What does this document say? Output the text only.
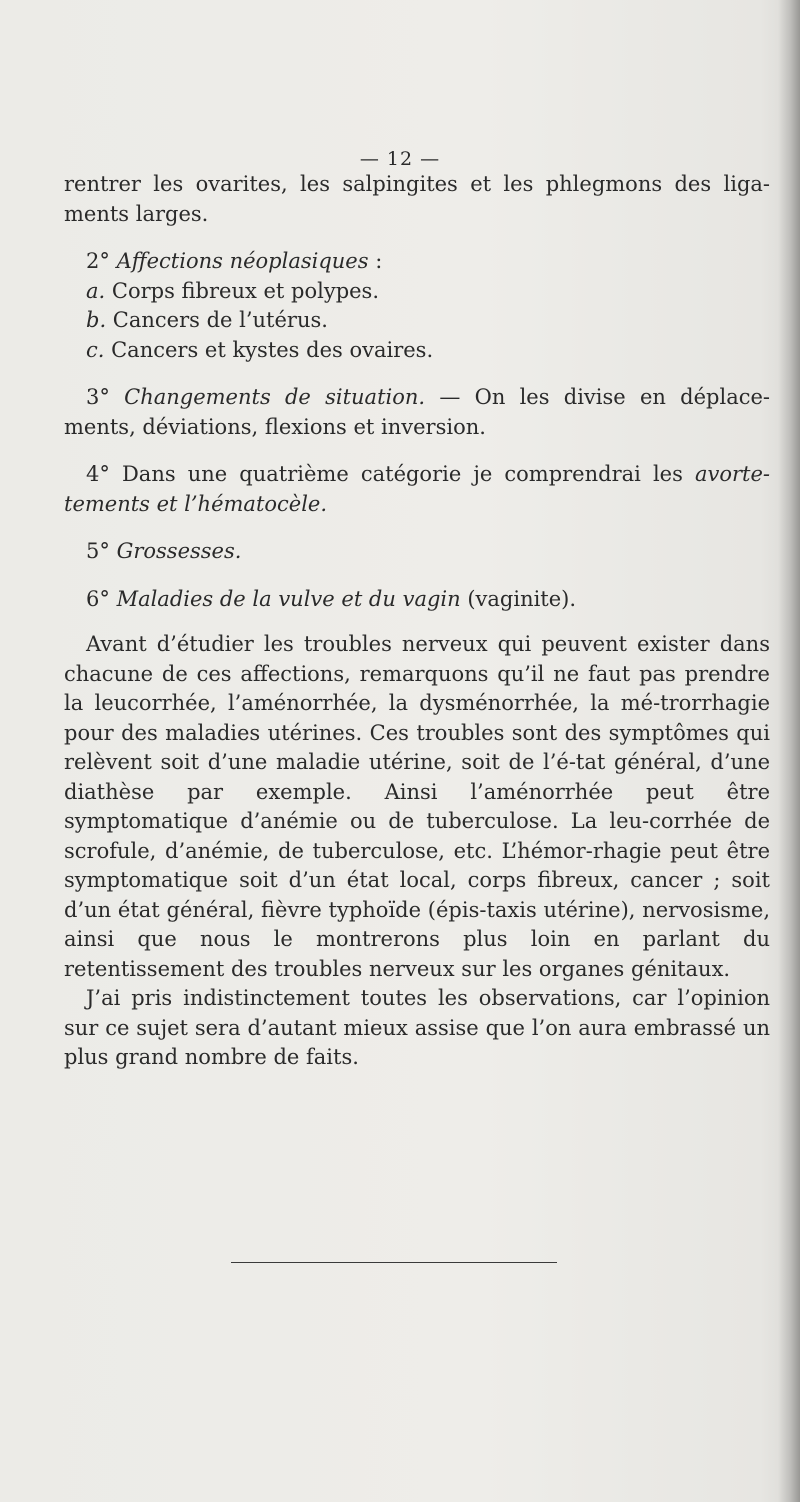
— 12 —

rentrer les ovarites, les salpingites et les phlegmons des liga-ments larges.

2° Affections néoplasiques :

a. Corps fibreux et polypes.

b. Cancers de l’utérus.

c. Cancers et kystes des ovaires.

3° Changements de situation. — On les divise en déplace-ments, déviations, flexions et inversion.

4° Dans une quatrième catégorie je comprendrai les avorte-tements et l’hématocèle.

5° Grossesses.

6° Maladies de la vulve et du vagin (vaginite).

Avant d’étudier les troubles nerveux qui peuvent exister dans chacune de ces affections, remarquons qu’il ne faut pas prendre la leucorrhée, l’aménorrhée, la dysménorrhée, la mé-trorrhagie pour des maladies utérines. Ces troubles sont des symptômes qui relèvent soit d’une maladie utérine, soit de l’é-tat général, d’une diathèse par exemple. Ainsi l’aménorrhée peut être symptomatique d’anémie ou de tuberculose. La leu-corrhée de scrofule, d’anémie, de tuberculose, etc. L’hémor-rhagie peut être symptomatique soit d’un état local, corps fibreux, cancer ; soit d’un état général, fièvre typhoïde (épis-taxis utérine), nervosisme, ainsi que nous le montrerons plus loin en parlant du retentissement des troubles nerveux sur les organes génitaux.

J’ai pris indistinctement toutes les observations, car l’opinion sur ce sujet sera d’autant mieux assise que l’on aura embrassé un plus grand nombre de faits.
